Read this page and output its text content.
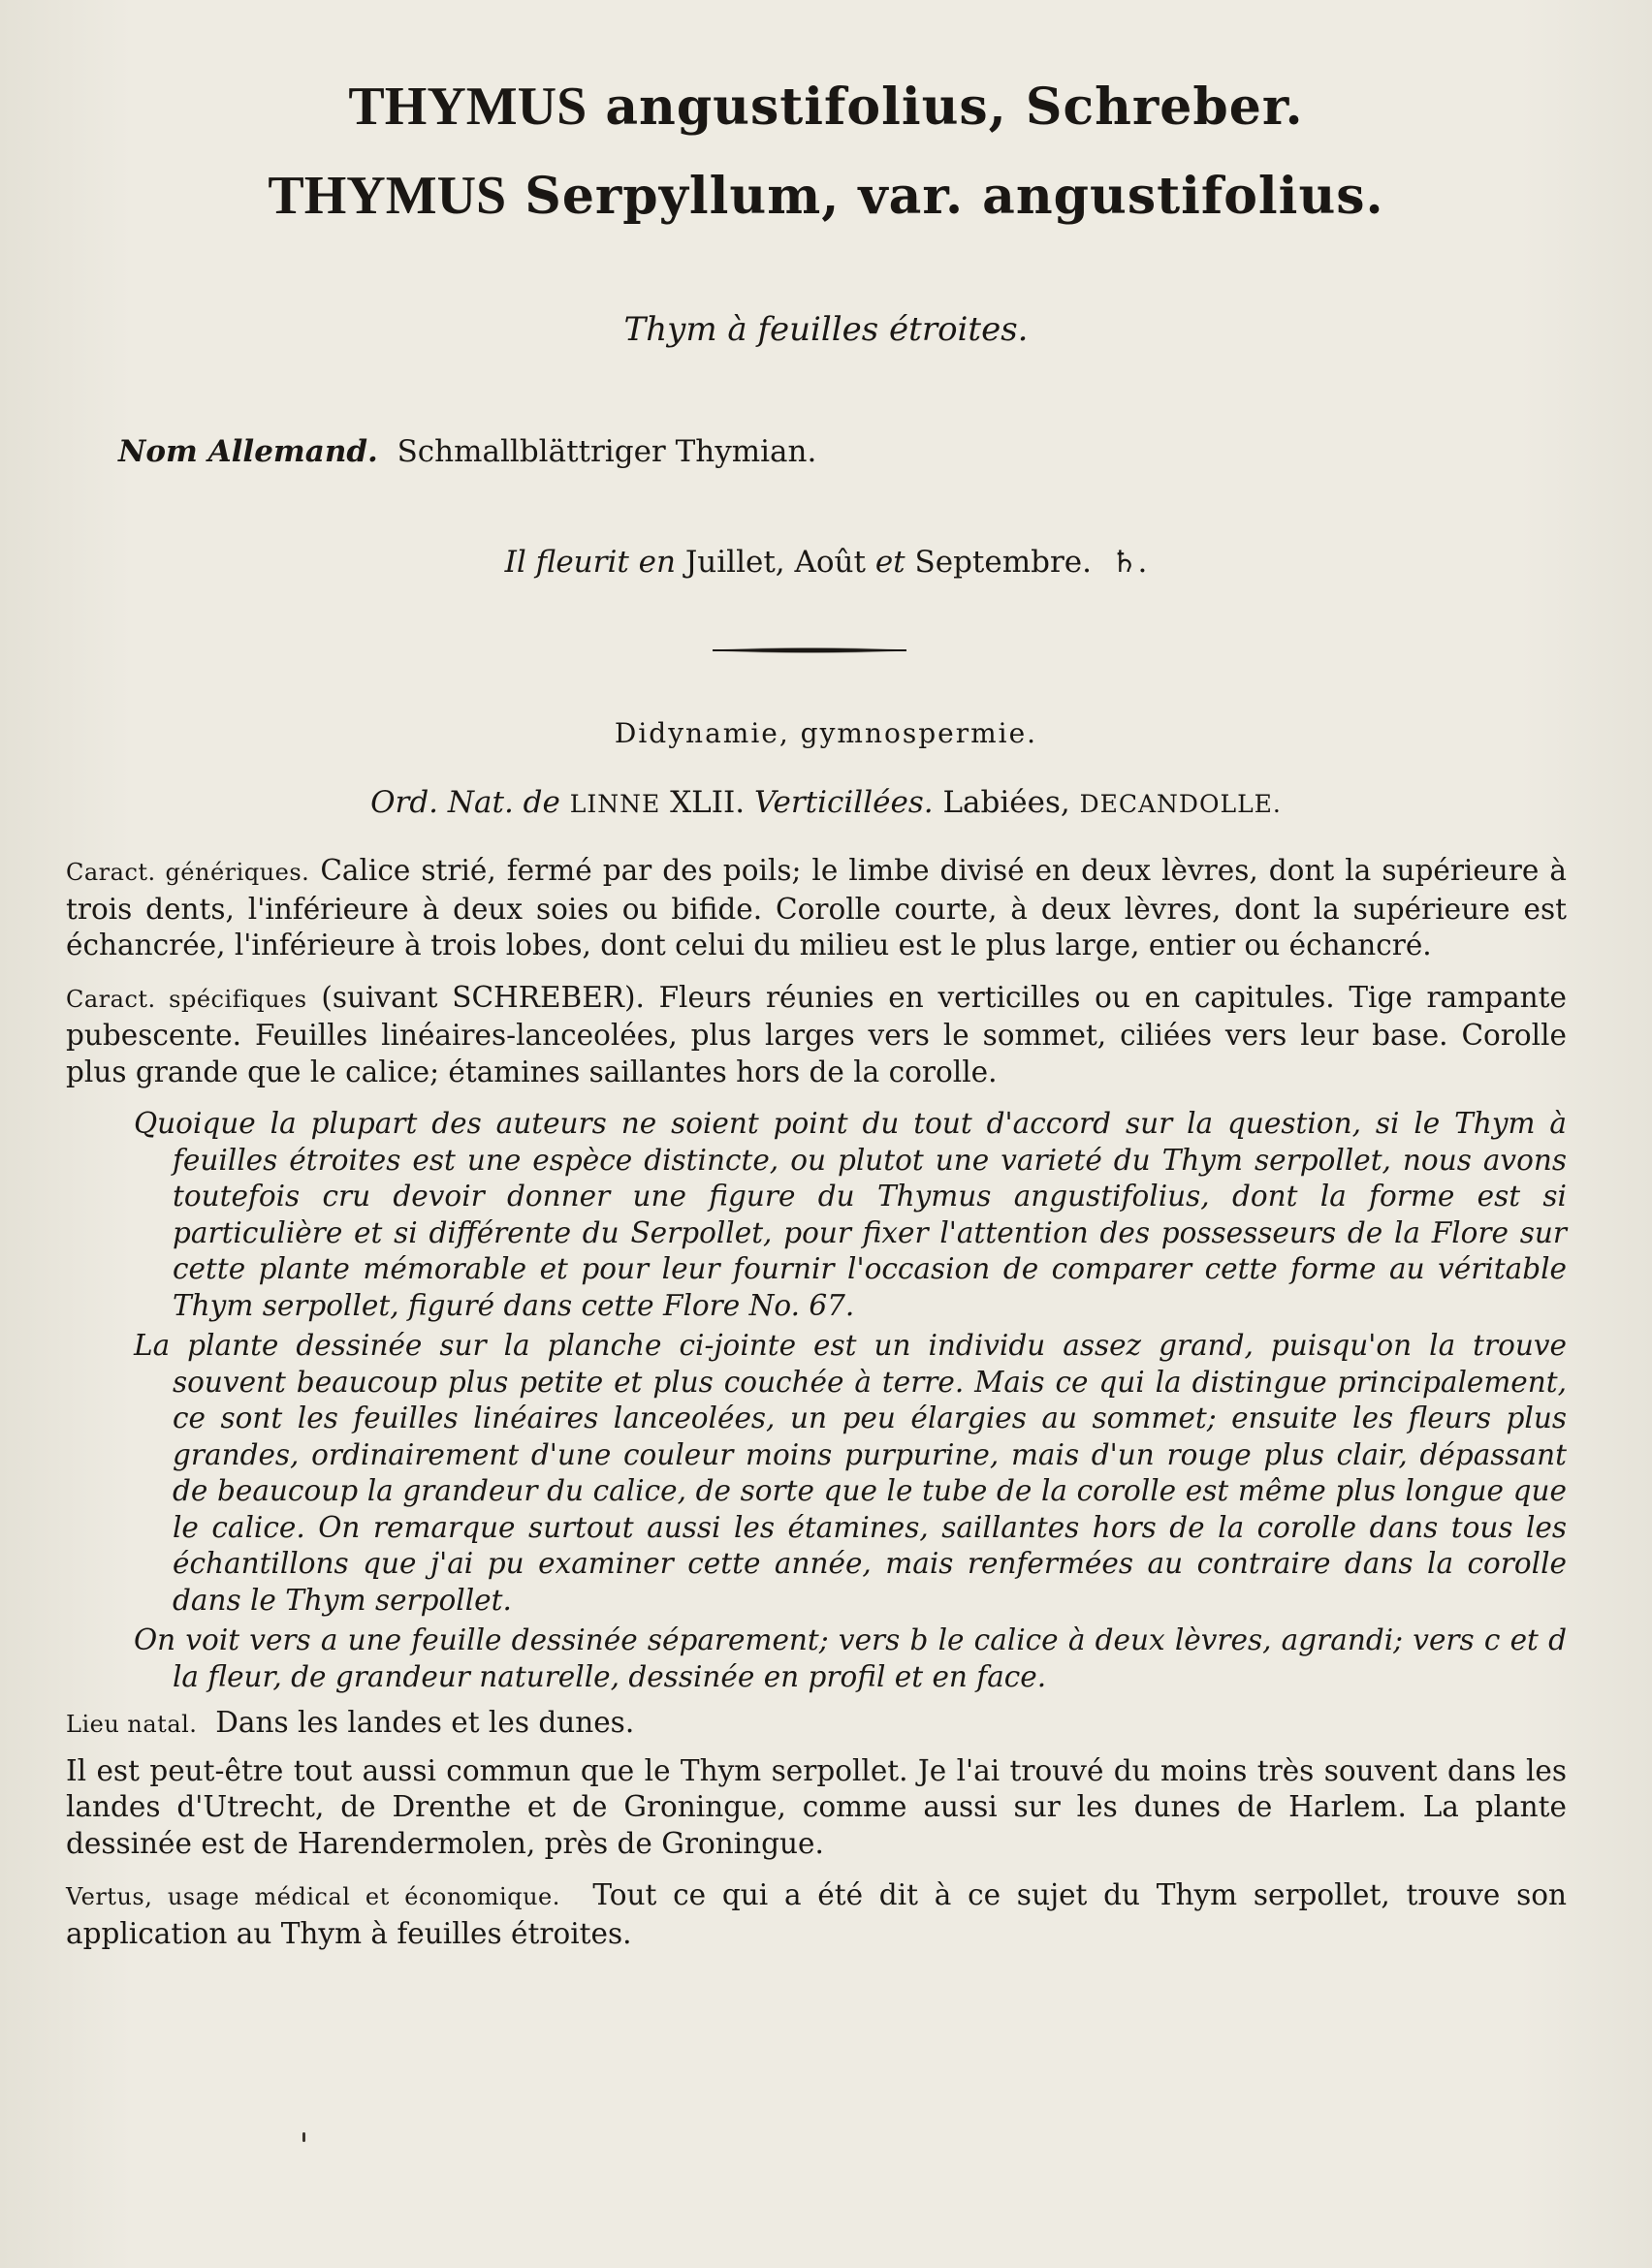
THYMUS angustifolius, Schreber.
THYMUS Serpyllum, var. angustifolius.
Thym à feuilles étroites.
Nom Allemand. Schmallblättriger Thymian.
Il fleurit en Juillet, Août et Septembre. ♄.
Didynamie, gymnospermie.
Ord. Nat. de LINNE XLII. Verticillées. Labiées, DECANDOLLE.

Caract. génériques. Calice strié, fermé par des poils; le limbe divisé en deux lèvres, dont la supérieure à trois dents, l'inférieure à deux soies ou bifide. Corolle courte, à deux lèvres, dont la supérieure est échancrée, l'inférieure à trois lobes, dont celui du milieu est le plus large, entier ou échancré.

Caract. spécifiques (suivant SCHREBER). Fleurs réunies en verticilles ou en capitules. Tige rampante pubescente. Feuilles linéaires-lanceolées, plus larges vers le sommet, ciliées vers leur base. Corolle plus grande que le calice; étamines saillantes hors de la corolle.

Quoique la plupart des auteurs ne soient point du tout d'accord sur la question, si le Thym à feuilles étroites est une espèce distincte, ou plutot une varieté du Thym serpollet, nous avons toutefois cru devoir donner une figure du Thymus angustifolius, dont la forme est si particulière et si différente du Serpollet, pour fixer l'attention des possesseurs de la Flore sur cette plante mémorable et pour leur fournir l'occasion de comparer cette forme au véritable Thym serpollet, figuré dans cette Flore No. 67.

La plante dessinée sur la planche ci-jointe est un individu assez grand, puisqu'on la trouve souvent beaucoup plus petite et plus couchée à terre. Mais ce qui la distingue principalement, ce sont les feuilles linéaires lanceolées, un peu élargies au sommet; ensuite les fleurs plus grandes, ordinairement d'une couleur moins purpurine, mais d'un rouge plus clair, dépassant de beaucoup la grandeur du calice, de sorte que le tube de la corolle est même plus longue que le calice. On remarque surtout aussi les étamines, saillantes hors de la corolle dans tous les échantillons que j'ai pu examiner cette année, mais renfermées au contraire dans la corolle dans le Thym serpollet.

On voit vers a une feuille dessinée séparement; vers b le calice à deux lèvres, agrandi; vers c et d la fleur, de grandeur naturelle, dessinée en profil et en face.

Lieu natal. Dans les landes et les dunes.

Il est peut-être tout aussi commun que le Thym serpollet. Je l'ai trouvé du moins très souvent dans les landes d'Utrecht, de Drenthe et de Groningue, comme aussi sur les dunes de Harlem. La plante dessinée est de Harendermolen, près de Groningue.

Vertus, usage médical et économique. Tout ce qui a été dit à ce sujet du Thym serpollet, trouve son application au Thym à feuilles étroites.
